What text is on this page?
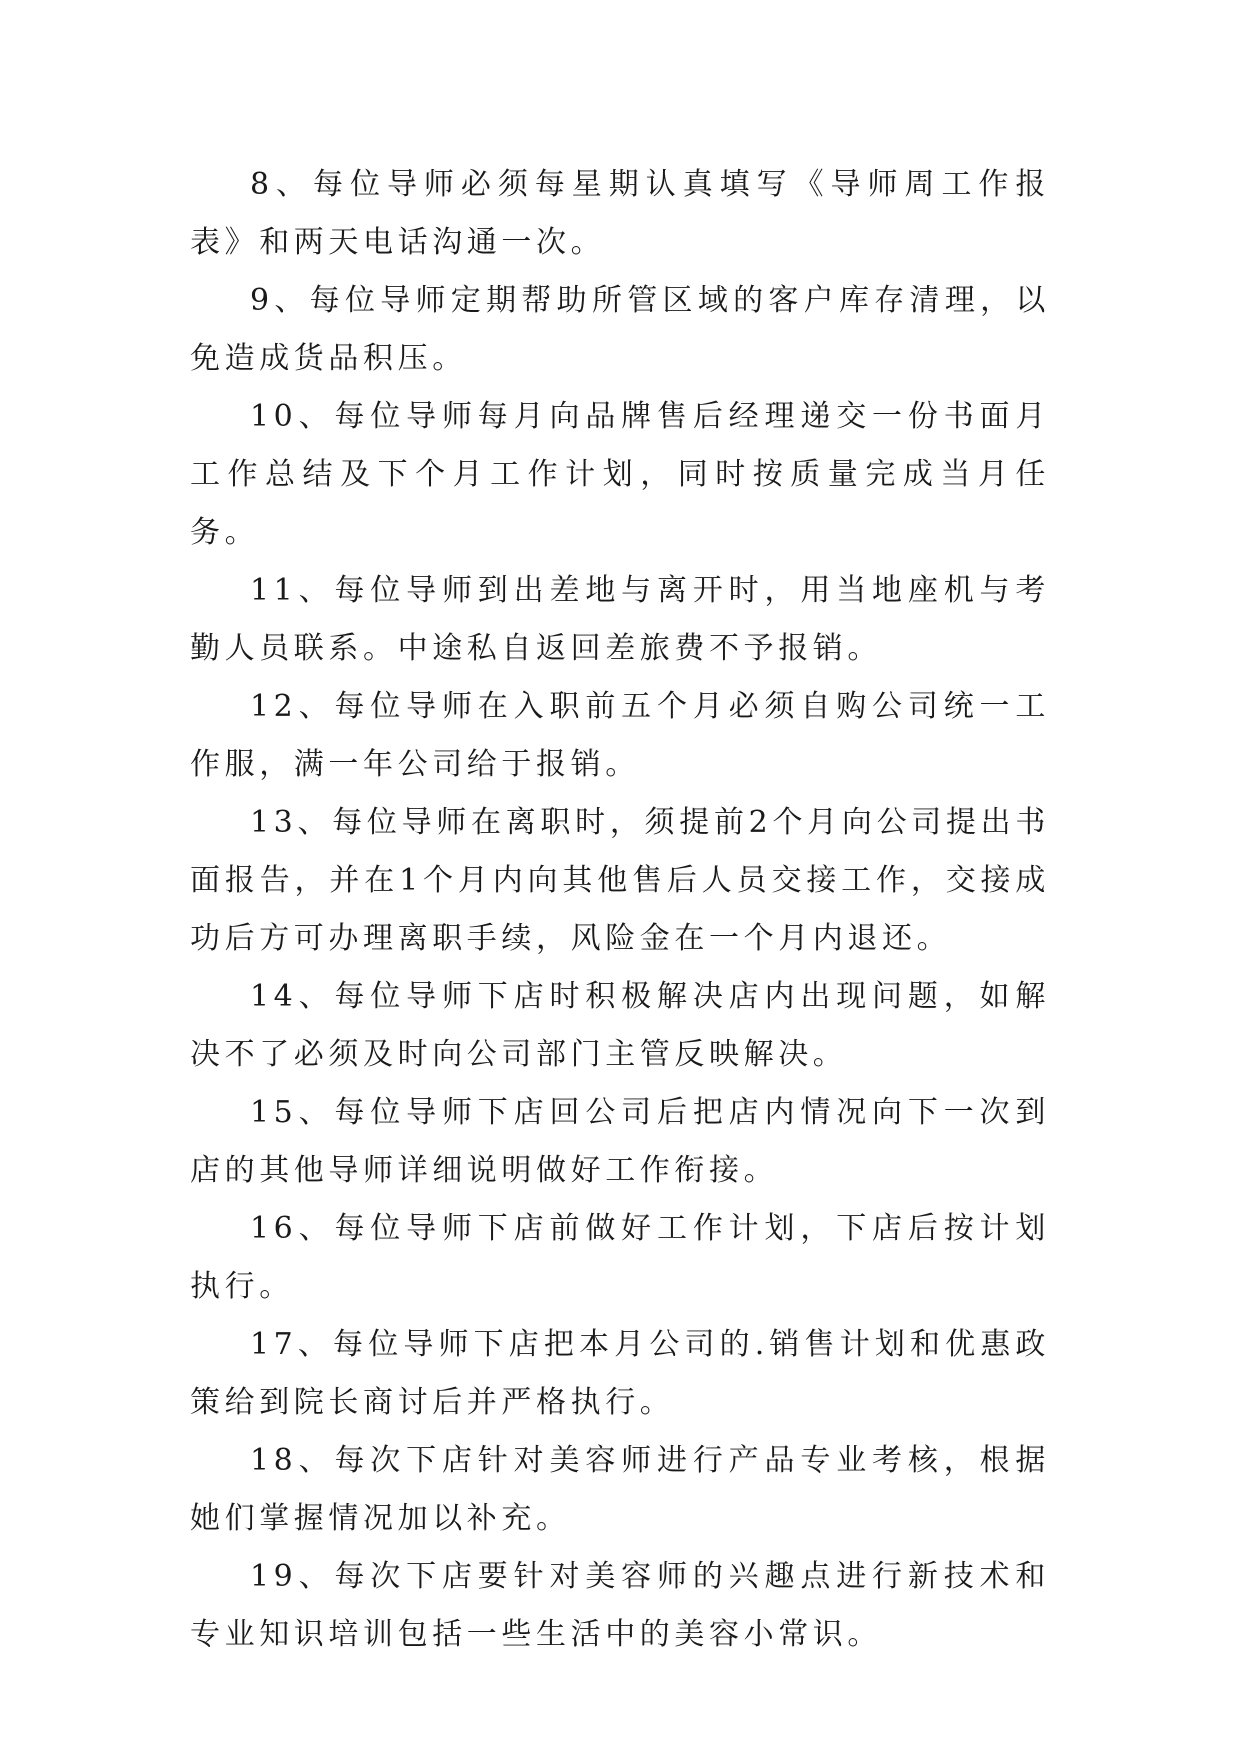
8、每位导师必须每星期认真填写《导师周工作报表》和两天电话沟通一次。

9、每位导师定期帮助所管区域的客户库存清理，以免造成货品积压。

10、每位导师每月向品牌售后经理递交一份书面月工作总结及下个月工作计划，同时按质量完成当月任务。

11、每位导师到出差地与离开时，用当地座机与考勤人员联系。中途私自返回差旅费不予报销。

12、每位导师在入职前五个月必须自购公司统一工作服，满一年公司给于报销。

13、每位导师在离职时，须提前2个月向公司提出书面报告，并在1个月内向其他售后人员交接工作，交接成功后方可办理离职手续，风险金在一个月内退还。

14、每位导师下店时积极解决店内出现问题，如解决不了必须及时向公司部门主管反映解决。

15、每位导师下店回公司后把店内情况向下一次到店的其他导师详细说明做好工作衔接。

16、每位导师下店前做好工作计划，下店后按计划执行。

17、每位导师下店把本月公司的.销售计划和优惠政策给到院长商讨后并严格执行。

18、每次下店针对美容师进行产品专业考核，根据她们掌握情况加以补充。

19、每次下店要针对美容师的兴趣点进行新技术和专业知识培训包括一些生活中的美容小常识。
